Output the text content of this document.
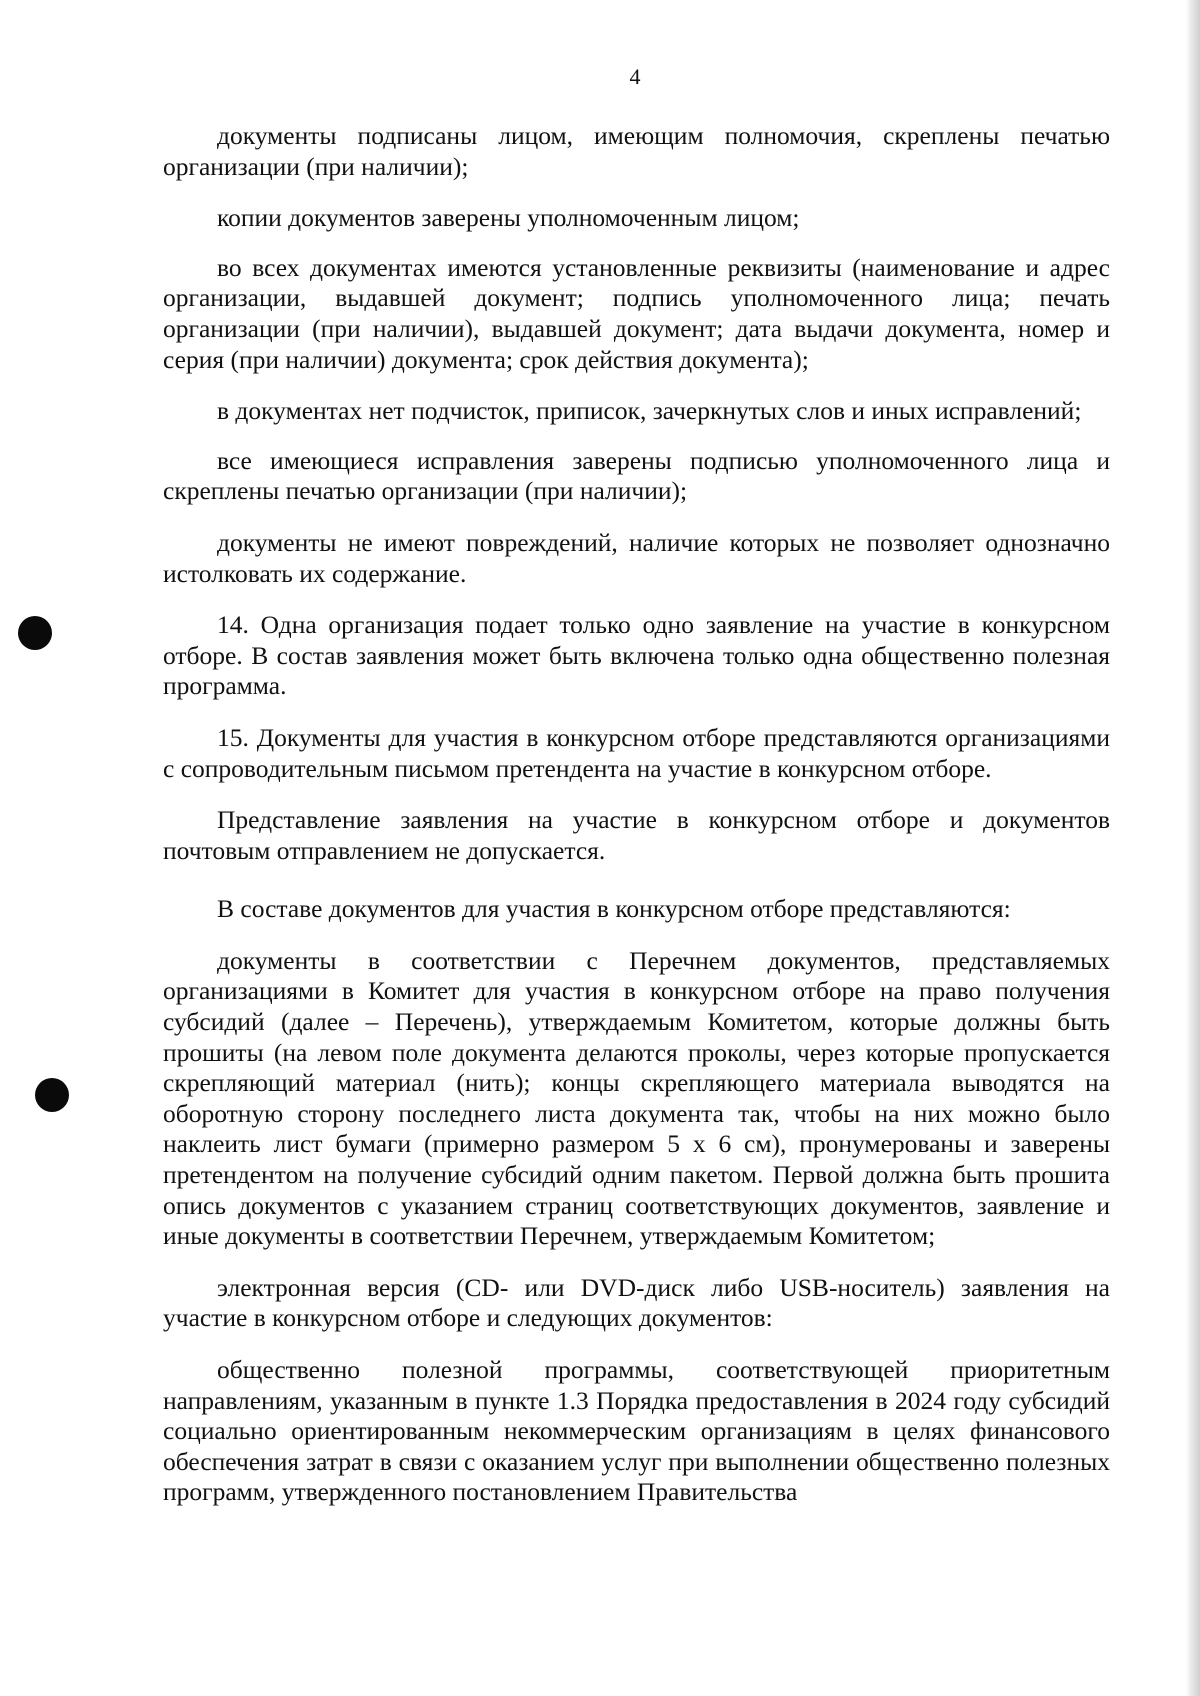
4

документы подписаны лицом, имеющим полномочия, скреплены печатью организации (при наличии);

копии документов заверены уполномоченным лицом;

во всех документах имеются установленные реквизиты (наименование и адрес организации, выдавшей документ; подпись уполномоченного лица; печать организации (при наличии), выдавшей документ; дата выдачи документа, номер и серия (при наличии) документа; срок действия документа);

в документах нет подчисток, приписок, зачеркнутых слов и иных исправлений;

все имеющиеся исправления заверены подписью уполномоченного лица и скреплены печатью организации (при наличии);

документы не имеют повреждений, наличие которых не позволяет однозначно истолковать их содержание.

14. Одна организация подает только одно заявление на участие в конкурсном отборе. В состав заявления может быть включена только одна общественно полезная программа.

15. Документы для участия в конкурсном отборе представляются организациями с сопроводительным письмом претендента на участие в конкурсном отборе.

Представление заявления на участие в конкурсном отборе и документов почтовым отправлением не допускается.

В составе документов для участия в конкурсном отборе представляются:

документы в соответствии с Перечнем документов, представляемых организациями в Комитет для участия в конкурсном отборе на право получения субсидий (далее – Перечень), утверждаемым Комитетом, которые должны быть прошиты (на левом поле документа делаются проколы, через которые пропускается скрепляющий материал (нить); концы скрепляющего материала выводятся на оборотную сторону последнего листа документа так, чтобы на них можно было наклеить лист бумаги (примерно размером 5 x 6 см), пронумерованы и заверены претендентом на получение субсидий одним пакетом. Первой должна быть прошита опись документов с указанием страниц соответствующих документов, заявление и иные документы в соответствии Перечнем, утверждаемым Комитетом;

электронная версия (CD- или DVD-диск либо USB-носитель) заявления на участие в конкурсном отборе и следующих документов:

общественно полезной программы, соответствующей приоритетным направлениям, указанным в пункте 1.3 Порядка предоставления в 2024 году субсидий социально ориентированным некоммерческим организациям в целях финансового обеспечения затрат в связи с оказанием услуг при выполнении общественно полезных программ, утвержденного постановлением Правительства
